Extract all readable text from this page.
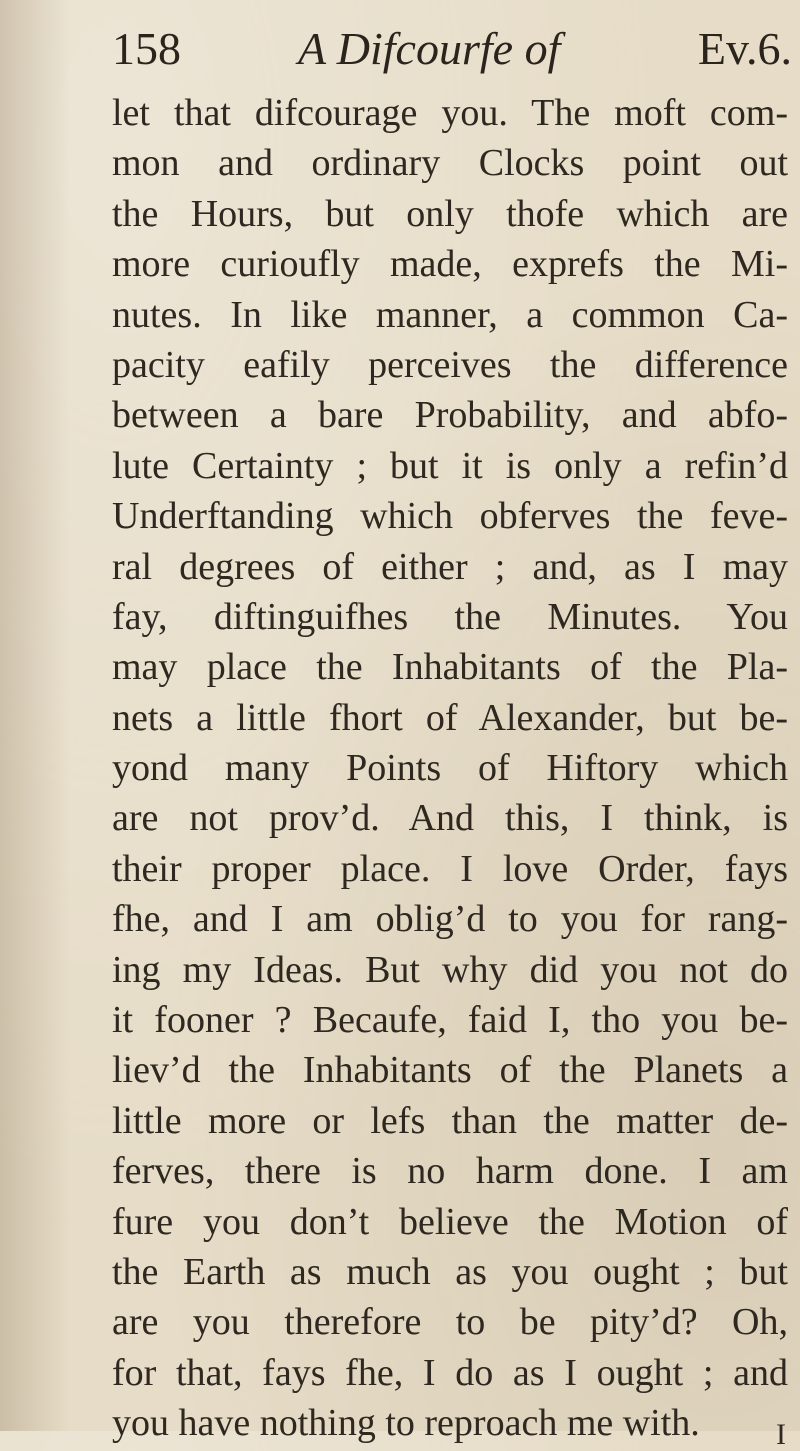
158	A Difcourfe of	Ev.6.
let that difcourage you. The moft com-
mon and ordinary Clocks point out
the Hours, but only thofe which are
more curioufly made, exprefs the Mi-
nutes. In like manner, a common Ca-
pacity eafily perceives the difference
between a bare Probability, and abfo-
lute Certainty ; but it is only a refin’d
Underftanding which obferves the feve-
ral degrees of either ; and, as I may
fay, diftinguifhes the Minutes. You
may place the Inhabitants of the Pla-
nets a little fhort of Alexander, but be-
yond many Points of Hiftory which
are not prov’d. And this, I think, is
their proper place. I love Order, fays
fhe, and I am oblig’d to you for rang-
ing my Ideas. But why did you not do
it fooner ? Becaufe, faid I, tho you be-
liev’d the Inhabitants of the Planets a
little more or lefs than the matter de-
ferves, there is no harm done. I am
fure you don’t believe the Motion of
the Earth as much as you ought ; but
are you therefore to be pity’d? Oh,
for that, fays fhe, I do as I ought ; and
you have nothing to reproach me with.	I
